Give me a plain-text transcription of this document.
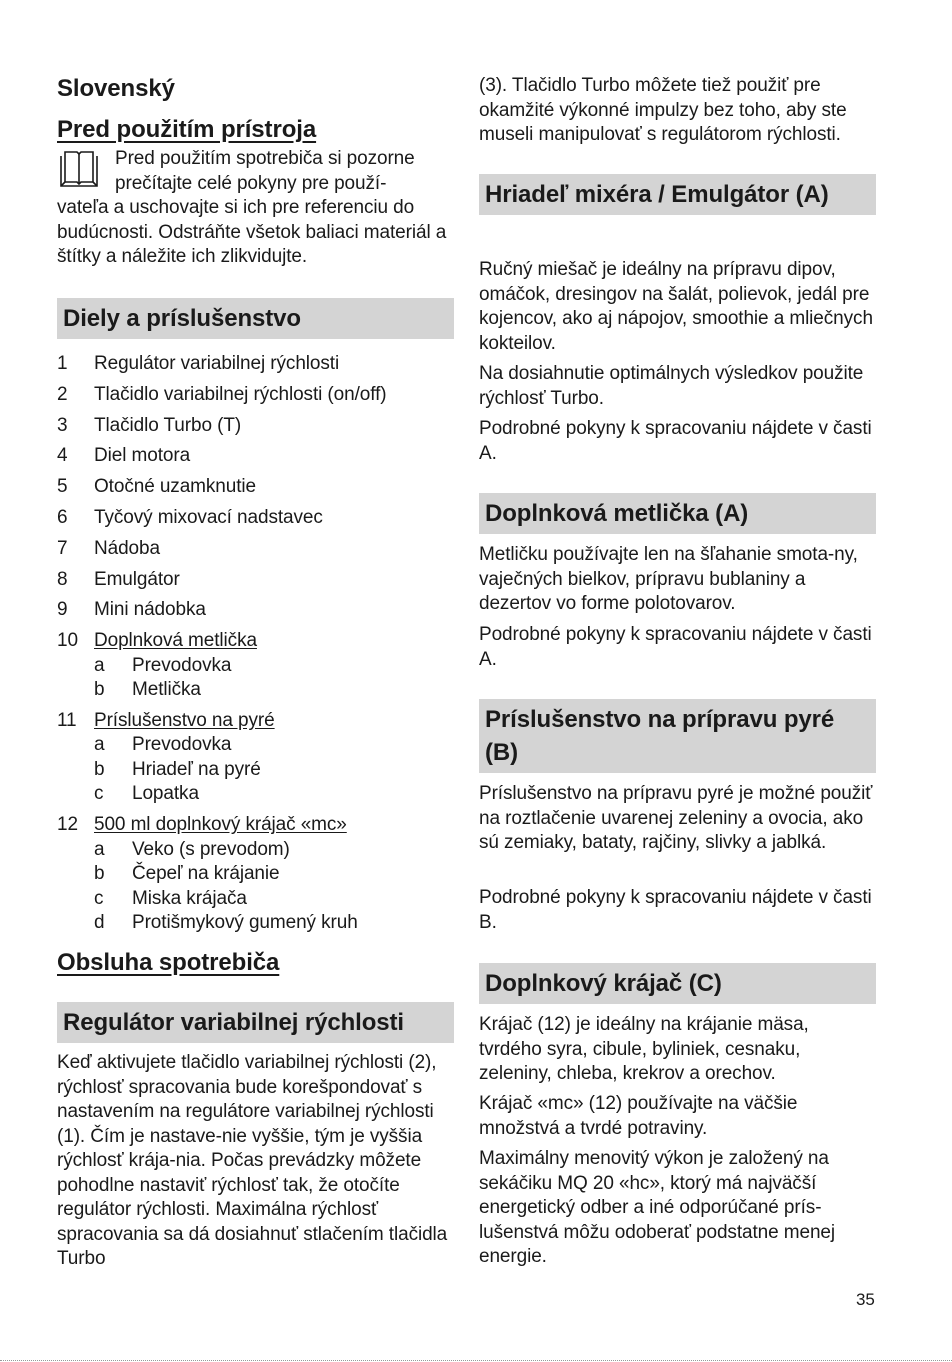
Slovenský
Pred použitím prístroja

Pred použitím spotrebiča si pozorne

prečítajte celé pokyny pre použí-

vateľa a uschovajte si ich pre referenciu do budúcnosti. Odstráňte všetok baliaci materiál a štítky a náležite ich zlikvidujte.

Diely a príslušenstvo
1	Regulátor variabilnej rýchlosti
2	Tlačidlo variabilnej rýchlosti (on/off)
3	Tlačidlo Turbo (T)
4	Diel motora
5	Otočné uzamknutie
6	Tyčový mixovací nadstavec
7	Nádoba
8	Emulgátor
9	Mini nádobka
10 Doplnková metlička
a	Prevodovka
b	Metlička
11 Príslušenstvo na pyré
a	Prevodovka
b	Hriadeľ na pyré
c	Lopatka
12 500 ml doplnkový krájač «mc»
a	Veko (s prevodom)
b	Čepeľ na krájanie
c	Miska krájača
d	Protišmykový gumený kruh
Obsluha spotrebiča
Regulátor variabilnej rýchlosti

Keď aktivujete tlačidlo variabilnej rýchlosti (2), rýchlosť spracovania bude korešpondovať s nastavením na regulátore variabilnej rýchlosti (1). Čím je nastave-nie vyššie, tým je vyššia rýchlosť krája-nia. Počas prevádzky môžete pohodlne nastaviť rýchlosť tak, že otočíte regulátor rýchlosti. Maximálna rýchlosť spracovania sa dá dosiahnuť stlačením tlačidla Turbo

(3). Tlačidlo Turbo môžete tiež použiť pre okamžité výkonné impulzy bez toho, aby ste museli manipulovať s regulátorom rýchlosti.

Hriadeľ mixéra / Emulgátor (A)

Ručný miešač je ideálny na prípravu dipov, omáčok, dresingov na šalát, polievok, jedál pre kojencov, ako aj nápojov, smoothie a mliečnych kokteilov.

Na dosiahnutie optimálnych výsledkov použite rýchlosť Turbo.

Podrobné pokyny k spracovaniu nájdete v časti A.

Doplnková metlička (A)

Metličku používajte len na šľahanie smota-ny, vaječných bielkov, prípravu bublaniny a dezertov vo forme polotovarov.

Podrobné pokyny k spracovaniu nájdete v časti A.

Príslušenstvo na prípravu pyré (B)

Príslušenstvo na prípravu pyré je možné použiť na roztlačenie uvarenej zeleniny a ovocia, ako sú zemiaky, bataty, rajčiny, slivky a jablká.

Podrobné pokyny k spracovaniu nájdete v časti B.

Doplnkový krájač (C)

Krájač (12) je ideálny na krájanie mäsa, tvrdého syra, cibule, byliniek, cesnaku, zeleniny, chleba, krekrov a orechov.

Krájač «mc» (12) používajte na väčšie množstvá a tvrdé potraviny.

Maximálny menovitý výkon je založený na sekáčiku MQ 20 «hc», ktorý má najväčší energetický odber a iné odporúčané prís-lušenstvá môžu odoberať podstatne menej energie.

35
